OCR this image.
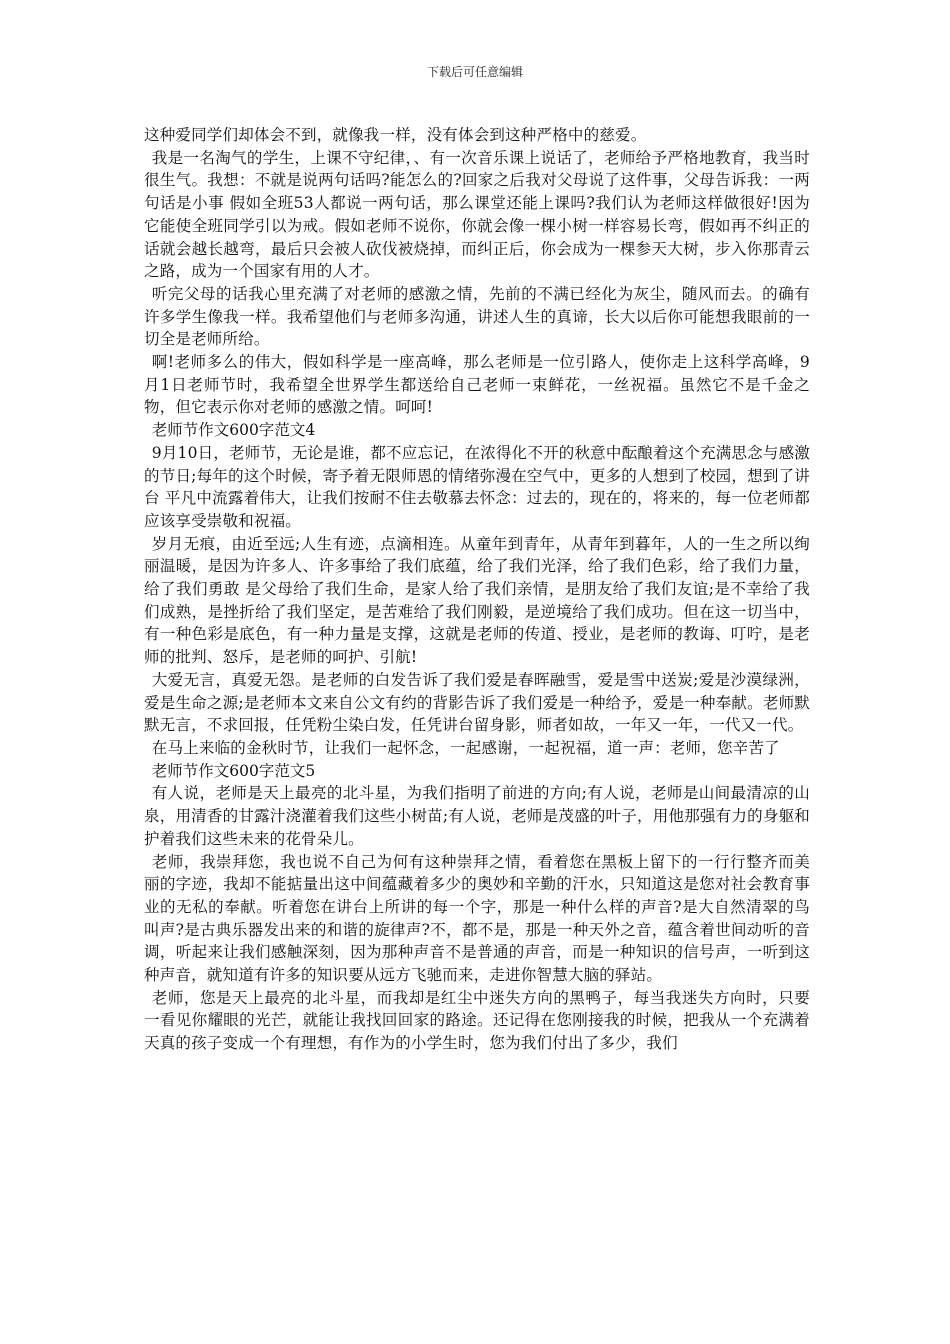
下载后可任意编辑

这种爱同学们却体会不到，就像我一样，没有体会到这种严格中的慈爱。

我是一名淘气的学生，上课不守纪律，、有一次音乐课上说话了，老师给予严格地教育，我当时很生气。我想：不就是说两句话吗?能怎么的?回家之后我对父母说了这件事，父母告诉我：一两句话是小事 假如全班53人都说一两句话，那么课堂还能上课吗?我们认为老师这样做很好!因为它能使全班同学引以为戒。假如老师不说你，你就会像一棵小树一样容易长弯，假如再不纠正的话就会越长越弯，最后只会被人砍伐被烧掉，而纠正后，你会成为一棵参天大树，步入你那青云之路，成为一个国家有用的人才。

听完父母的话我心里充满了对老师的感激之情，先前的不满已经化为灰尘，随风而去。的确有许多学生像我一样。我希望他们与老师多沟通，讲述人生的真谛，长大以后你可能想我眼前的一切全是老师所给。

啊!老师多么的伟大，假如科学是一座高峰，那么老师是一位引路人，使你走上这科学高峰，9月1日老师节时，我希望全世界学生都送给自己老师一束鲜花，一丝祝福。虽然它不是千金之物，但它表示你对老师的感激之情。呵呵!

老师节作文600字范文4

9月10日，老师节，无论是谁，都不应忘记，在浓得化不开的秋意中酝酿着这个充满思念与感激的节日;每年的这个时候，寄予着无限师恩的情绪弥漫在空气中，更多的人想到了校园，想到了讲台 平凡中流露着伟大，让我们按耐不住去敬慕去怀念：过去的，现在的，将来的，每一位老师都应该享受崇敬和祝福。

岁月无痕，由近至远;人生有迹，点滴相连。从童年到青年，从青年到暮年，人的一生之所以绚丽温暖，是因为许多人、许多事给了我们底蕴，给了我们光泽，给了我们色彩，给了我们力量，给了我们勇敢 是父母给了我们生命，是家人给了我们亲情，是朋友给了我们友谊;是不幸给了我们成熟，是挫折给了我们坚定，是苦难给了我们刚毅，是逆境给了我们成功。但在这一切当中，有一种色彩是底色，有一种力量是支撑，这就是老师的传道、授业，是老师的教诲、叮咛，是老师的批判、怒斥，是老师的呵护、引航!

大爱无言，真爱无怨。是老师的白发告诉了我们爱是春晖融雪，爱是雪中送炭;爱是沙漠绿洲，爱是生命之源;是老师本文来自公文有约的背影告诉了我们爱是一种给予，爱是一种奉献。老师默默无言，不求回报，任凭粉尘染白发，任凭讲台留身影，师者如故，一年又一年，一代又一代。

在马上来临的金秋时节，让我们一起怀念，一起感谢，一起祝福，道一声：老师，您辛苦了

老师节作文600字范文5

有人说，老师是天上最亮的北斗星，为我们指明了前进的方向;有人说，老师是山间最清凉的山泉，用清香的甘露汁浇灌着我们这些小树苗;有人说，老师是茂盛的叶子，用他那强有力的身躯和护着我们这些未来的花骨朵儿。

老师，我崇拜您，我也说不自己为何有这种崇拜之情，看着您在黑板上留下的一行行整齐而美丽的字迹，我却不能掂量出这中间蕴藏着多少的奥妙和辛勤的汗水，只知道这是您对社会教育事业的无私的奉献。听着您在讲台上所讲的每一个字，那是一种什么样的声音?是大自然清翠的鸟叫声?是古典乐器发出来的和谐的旋律声?不，都不是，那是一种天外之音，蕴含着世间动听的音调，听起来让我们感触深刻，因为那种声音不是普通的声音，而是一种知识的信号声，一听到这种声音，就知道有许多的知识要从远方飞驰而来，走进你智慧大脑的驿站。

老师，您是天上最亮的北斗星，而我却是红尘中迷失方向的黑鸭子，每当我迷失方向时，只要一看见你耀眼的光芒，就能让我找回回家的路途。还记得在您刚接我的时候，把我从一个充满着天真的孩子变成一个有理想，有作为的小学生时，您为我们付出了多少，我们
